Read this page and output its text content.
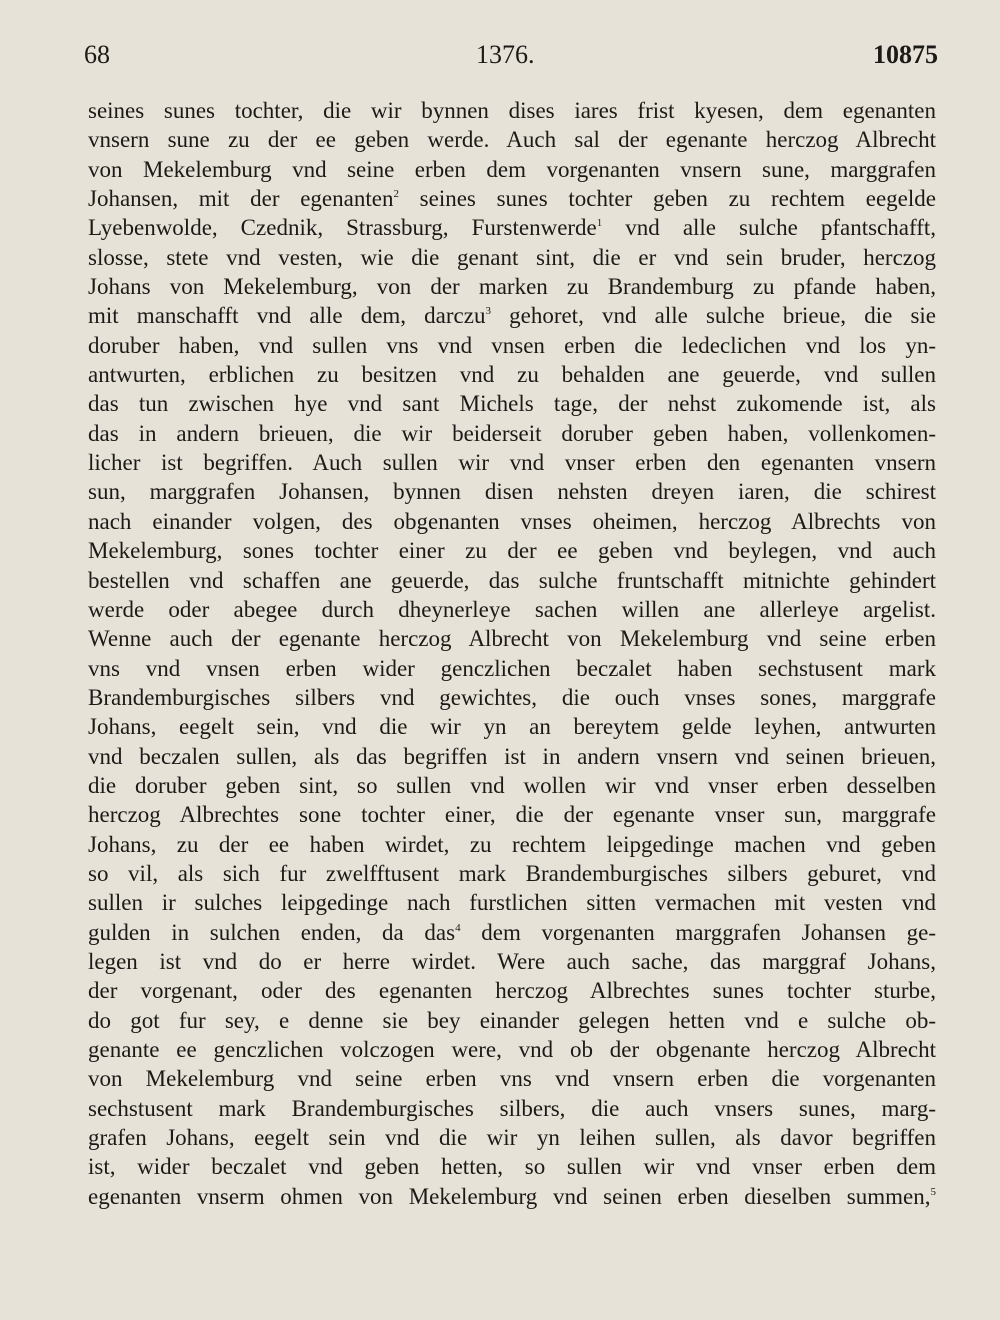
68	1376.	10875
seines sunes tochter, die wir bynnen dises iares frist kyesen, dem egenanten
vnsern sune zu der ee geben werde. Auch sal der egenante herczog Albrecht
von Mekelemburg vnd seine erben dem vorgenanten vnsern sune, marggrafen
Johansen, mit der egenanten$^2$ seines sunes tochter geben zu rechtem eegelde
Lyebenwolde, Czednik, Strassburg, Furstenwerde$^1$ vnd alle sulche pfantschafft,
slosse, stete vnd vesten, wie die genant sint, die er vnd sein bruder, herczog
Johans von Mekelemburg, von der marken zu Brandemburg zu pfande haben,
mit manschafft vnd alle dem, darczu$^3$ gehoret, vnd alle sulche brieue, die sie
doruber haben, vnd sullen vns vnd vnsen erben die ledeclichen vnd los yn-
antwurten, erblichen zu besitzen vnd zu behalden ane geuerde, vnd sullen
das tun zwischen hye vnd sant Michels tage, der nehst zukomende ist, als
das in andern brieuen, die wir beiderseit doruber geben haben, vollenkomen-
licher ist begriffen. Auch sullen wir vnd vnser erben den egenanten vnsern
sun, marggrafen Johansen, bynnen disen nehsten dreyen iaren, die schirest
nach einander volgen, des obgenanten vnses oheimen, herczog Albrechts von
Mekelemburg, sones tochter einer zu der ee geben vnd beylegen, vnd auch
bestellen vnd schaffen ane geuerde, das sulche fruntschafft mitnichte gehindert
werde oder abegee durch dheynerleye sachen willen ane allerleye argelist.
Wenne auch der egenante herczog Albrecht von Mekelemburg vnd seine erben
vns vnd vnsen erben wider genczlichen beczalet haben sechstusent mark
Brandemburgisches silbers vnd gewichtes, die ouch vnses sones, marggrafe
Johans, eegelt sein, vnd die wir yn an bereytem gelde leyhen, antwurten
vnd beczalen sullen, als das begriffen ist in andern vnsern vnd seinen brieuen,
die doruber geben sint, so sullen vnd wollen wir vnd vnser erben desselben
herczog Albrechtes sone tochter einer, die der egenante vnser sun, marggrafe
Johans, zu der ee haben wirdet, zu rechtem leipgedinge machen vnd geben
so vil, als sich fur zwelfftusent mark Brandemburgisches silbers geburet, vnd
sullen ir sulches leipgedinge nach furstlichen sitten vermachen mit vesten vnd
gulden in sulchen enden, da das$^4$ dem vorgenanten marggrafen Johansen ge-
legen ist vnd do er herre wirdet. Were auch sache, das marggraf Johans,
der vorgenant, oder des egenanten herczog Albrechtes sunes tochter sturbe,
do got fur sey, e denne sie bey einander gelegen hetten vnd e sulche ob-
genante ee genczlichen volczogen were, vnd ob der obgenante herczog Albrecht
von Mekelemburg vnd seine erben vns vnd vnsern erben die vorgenanten
sechstusent mark Brandemburgisches silbers, die auch vnsers sunes, marg-
grafen Johans, eegelt sein vnd die wir yn leihen sullen, als davor begriffen
ist, wider beczalet vnd geben hetten, so sullen wir vnd vnser erben dem
egenanten vnserm ohmen von Mekelemburg vnd seinen erben dieselben summen,$^5$
